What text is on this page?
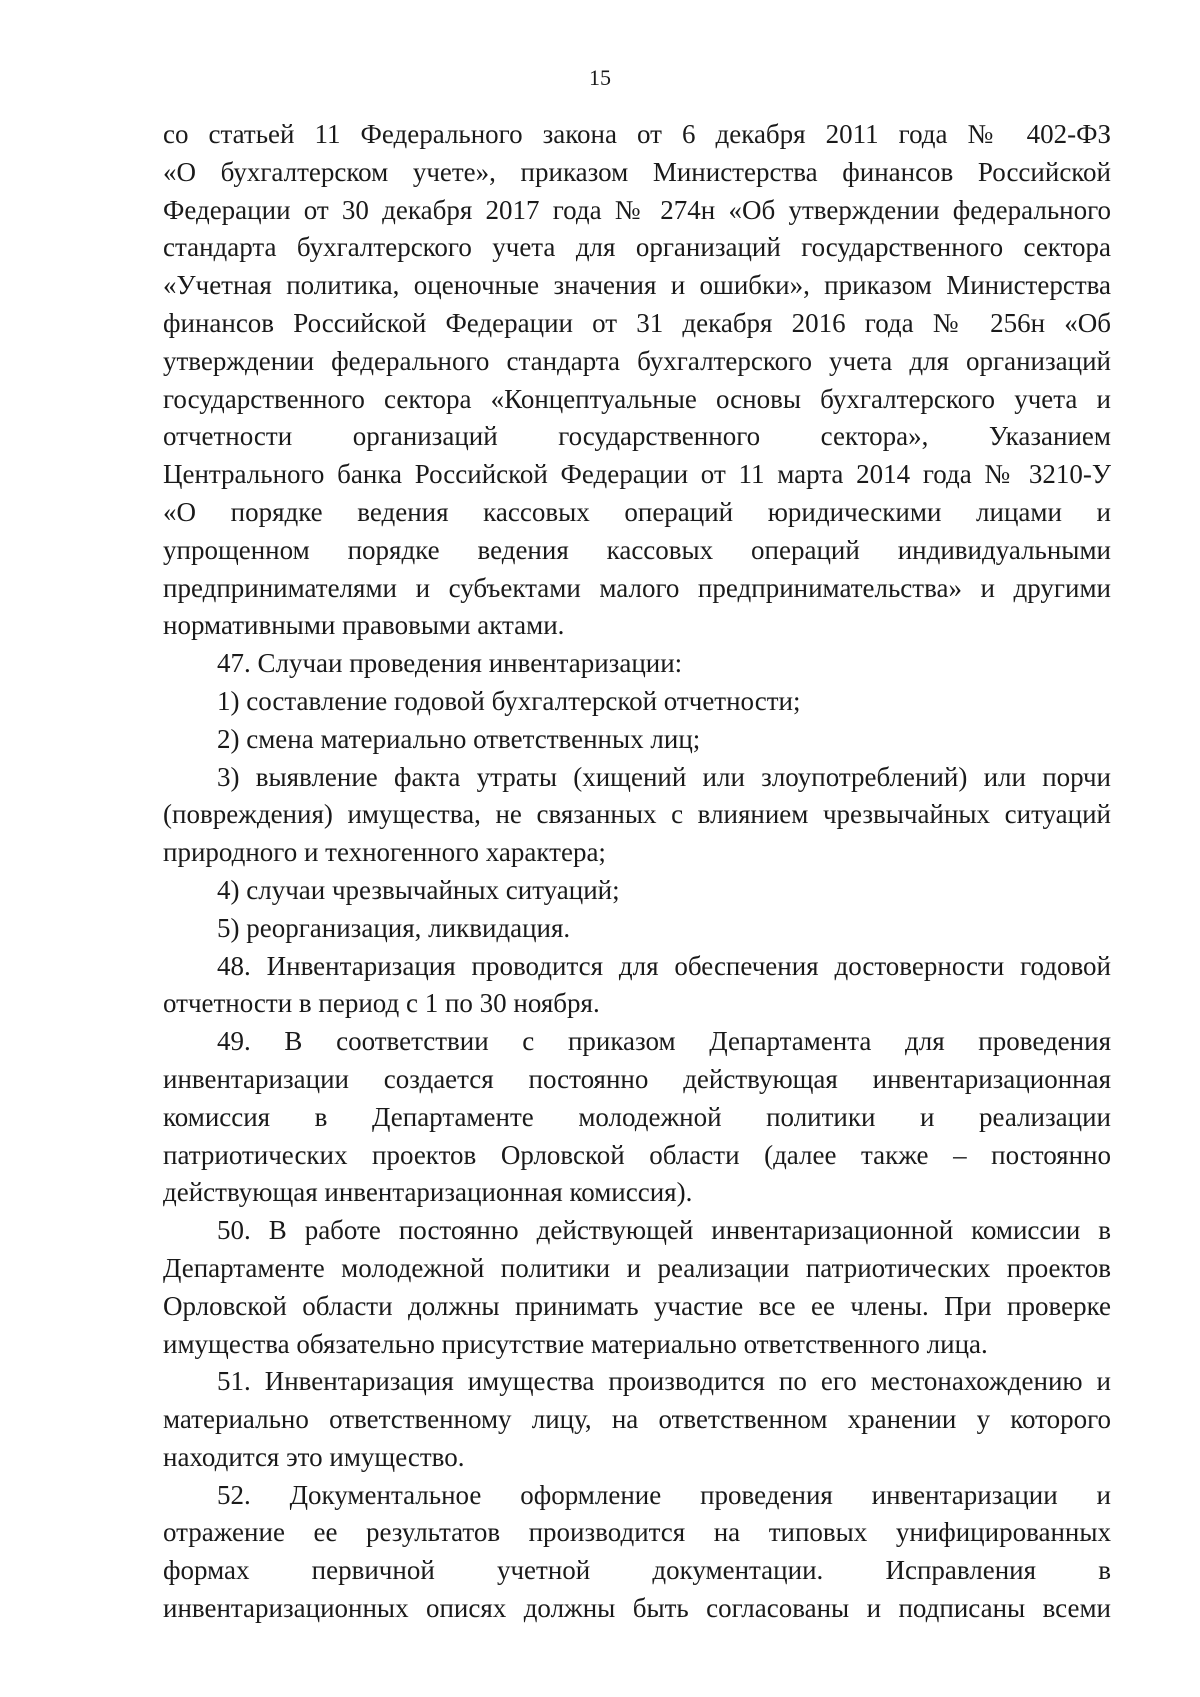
15
со статьей 11 Федерального закона от 6 декабря 2011 года № 402-ФЗ
«О бухгалтерском учете», приказом Министерства финансов Российской
Федерации от 30 декабря 2017 года № 274н «Об утверждении федерального
стандарта бухгалтерского учета для организаций государственного сектора
«Учетная политика, оценочные значения и ошибки», приказом Министерства
финансов Российской Федерации от 31 декабря 2016 года № 256н «Об
утверждении федерального стандарта бухгалтерского учета для организаций
государственного сектора «Концептуальные основы бухгалтерского учета и
отчетности организаций государственного сектора», Указанием
Центрального банка Российской Федерации от 11 марта 2014 года № 3210-У
«О порядке ведения кассовых операций юридическими лицами и
упрощенном порядке ведения кассовых операций индивидуальными
предпринимателями и субъектами малого предпринимательства» и другими
нормативными правовыми актами.
47. Случаи проведения инвентаризации:
1) составление годовой бухгалтерской отчетности;
2) смена материально ответственных лиц;
3) выявление факта утраты (хищений или злоупотреблений) или порчи
(повреждения) имущества, не связанных с влиянием чрезвычайных ситуаций
природного и техногенного характера;
4) случаи чрезвычайных ситуаций;
5) реорганизация, ликвидация.
48. Инвентаризация проводится для обеспечения достоверности годовой
отчетности в период с 1 по 30 ноября.
49. В соответствии с приказом Департамента для проведения
инвентаризации создается постоянно действующая инвентаризационная
комиссия в Департаменте молодежной политики и реализации
патриотических проектов Орловской области (далее также – постоянно
действующая инвентаризационная комиссия).
50. В работе постоянно действующей инвентаризационной комиссии в
Департаменте молодежной политики и реализации патриотических проектов
Орловской области должны принимать участие все ее члены. При проверке
имущества обязательно присутствие материально ответственного лица.
51. Инвентаризация имущества производится по его местонахождению и
материально ответственному лицу, на ответственном хранении у которого
находится это имущество.
52. Документальное оформление проведения инвентаризации и
отражение ее результатов производится на типовых унифицированных
формах первичной учетной документации. Исправления в
инвентаризационных описях должны быть согласованы и подписаны всеми
